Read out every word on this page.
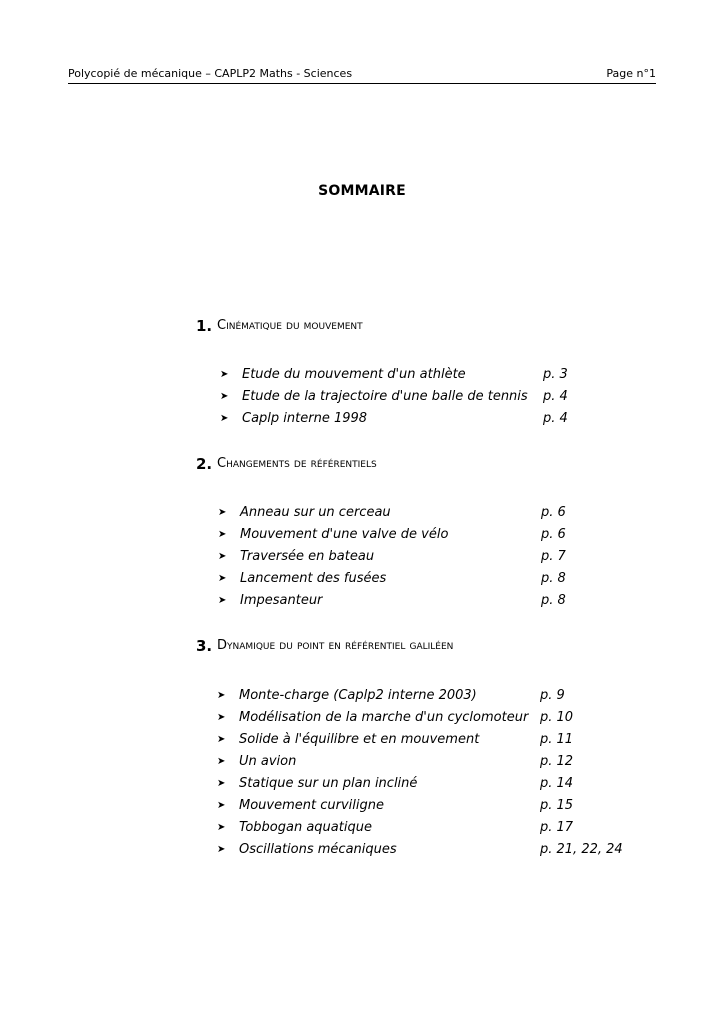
Polycopié de mécanique – CAPLP2 Maths - Sciences	Page n°1
SOMMAIRE
1. Cinématique du mouvement
➤ Etude du mouvement d'un athlète	p. 3
➤ Etude de la trajectoire d'une balle de tennis p. 4
➤ Caplp interne 1998	p. 4
2. Changements de référentiels
➤ Anneau sur un cerceau	p. 6
➤ Mouvement d'une valve de vélo	p. 6
➤ Traversée en bateau	p. 7
➤ Lancement des fusées	p. 8
➤ Impesanteur	p. 8
3. Dynamique du point en référentiel galiléen
➤ Monte-charge (Caplp2 interne 2003)	p. 9
➤ Modélisation de la marche d'un cyclomoteur p. 10
➤ Solide à l'équilibre et en mouvement	p. 11
➤ Un avion	p. 12
➤ Statique sur un plan incliné	p. 14
➤ Mouvement curviligne	p. 15
➤ Tobbogan aquatique	p. 17
➤ Oscillations mécaniques	p. 21, 22, 24
